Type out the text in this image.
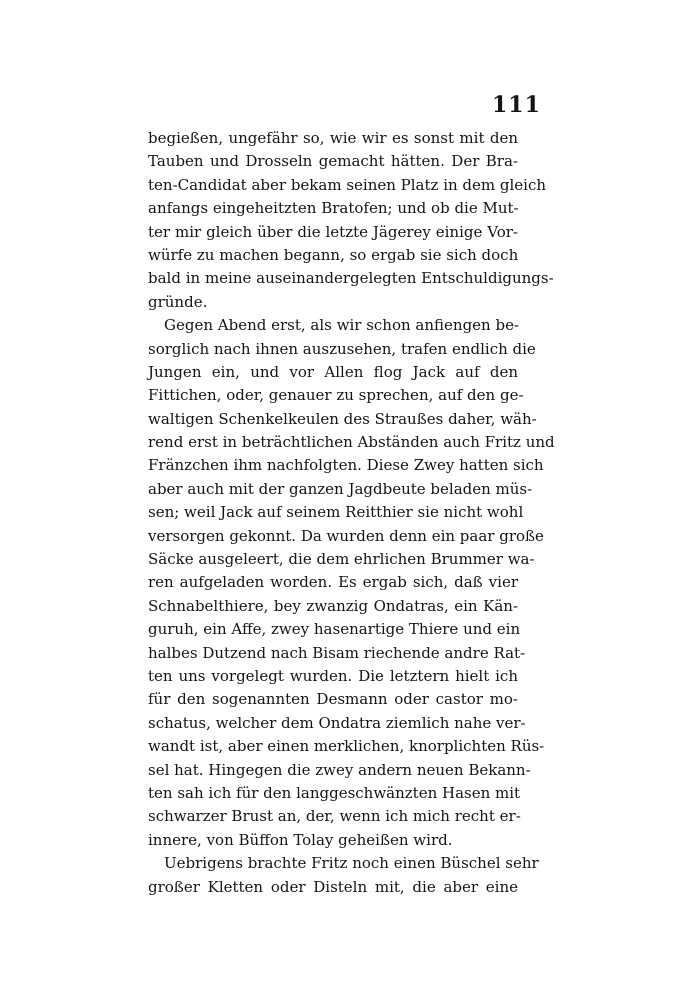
111
begießen, ungefähr so, wie wir es sonst mit den
Tauben und Drosseln gemacht hätten. Der Bra-
ten-Candidat aber bekam seinen Platz in dem gleich
anfangs eingeheitzten Bratofen; und ob die Mut-
ter mir gleich über die letzte Jägerey einige Vor-
würfe zu machen begann, so ergab sie sich doch
bald in meine auseinandergelegten Entschuldigungs-
gründe.
Gegen Abend erst, als wir schon anfiengen be-
sorglich nach ihnen auszusehen, trafen endlich die
Jungen ein, und vor Allen flog Jack auf den
Fittichen, oder, genauer zu sprechen, auf den ge-
waltigen Schenkelkeulen des Straußes daher, wäh-
rend erst in beträchtlichen Abständen auch Fritz und
Fränzchen ihm nachfolgten. Diese Zwey hatten sich
aber auch mit der ganzen Jagdbeute beladen müs-
sen; weil Jack auf seinem Reitthier sie nicht wohl
versorgen gekonnt. Da wurden denn ein paar große
Säcke ausgeleert, die dem ehrlichen Brummer wa-
ren aufgeladen worden. Es ergab sich, daß vier
Schnabelthiere, bey zwanzig Ondatras, ein Kän-
guruh, ein Affe, zwey hasenartige Thiere und ein
halbes Dutzend nach Bisam riechende andre Rat-
ten uns vorgelegt wurden. Die letztern hielt ich
für den sogenannten Desmann oder castor mo-
schatus, welcher dem Ondatra ziemlich nahe ver-
wandt ist, aber einen merklichen, knorplichten Rüs-
sel hat. Hingegen die zwey andern neuen Bekann-
ten sah ich für den langgeschwänzten Hasen mit
schwarzer Brust an, der, wenn ich mich recht er-
innere, von Büffon Tolay geheißen wird.
Uebrigens brachte Fritz noch einen Büschel sehr
großer Kletten oder Disteln mit, die aber eine
